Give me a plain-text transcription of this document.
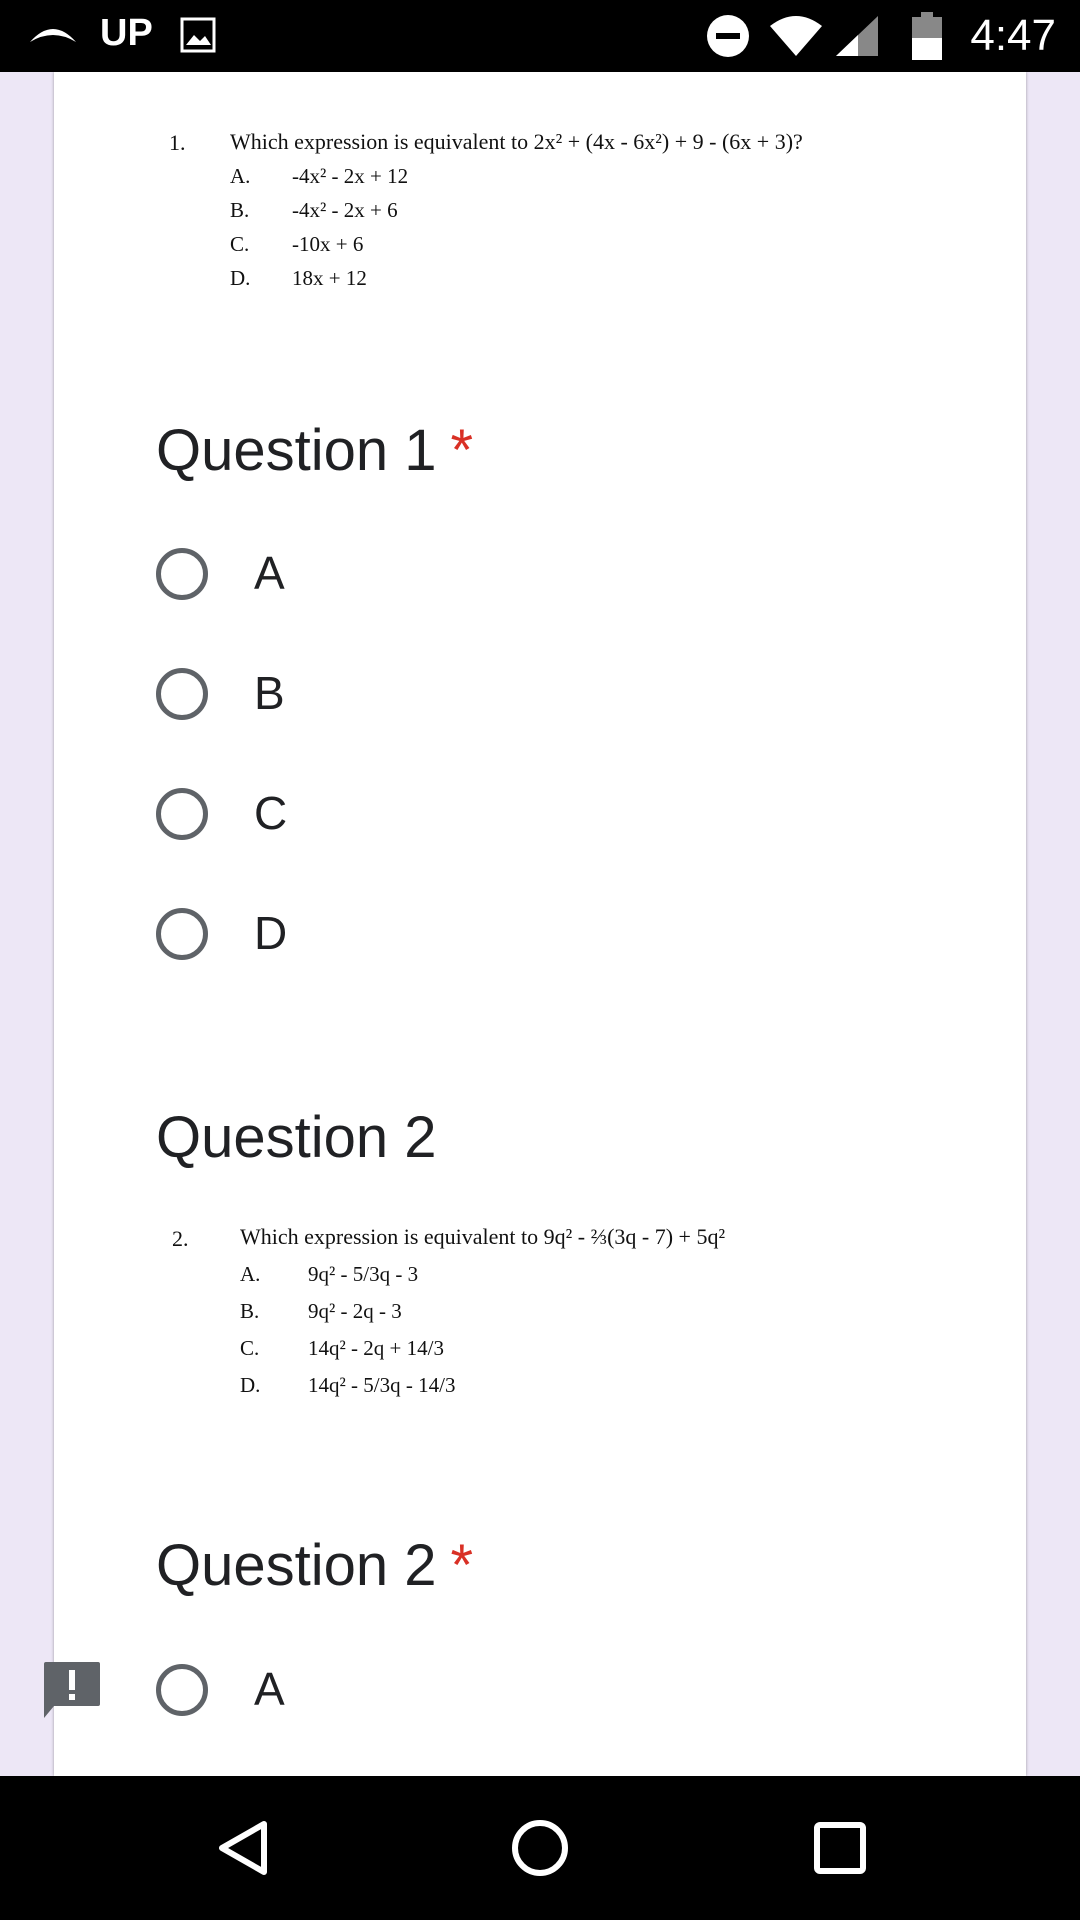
UP	4:47
1. Which expression is equivalent to 2x² + (4x - 6x²) + 9 - (6x + 3)?
A. -4x² - 2x + 12
B. -4x² - 2x + 6
C. -10x + 6
D. 18x + 12
Question 1 *
A
B
C
D
Question 2
2. Which expression is equivalent to 9q² - ⅔(3q - 7) + 5q²
A. 9q² - 5/3q - 3
B. 9q² - 2q - 3
C. 14q² - 2q + 14/3
D. 14q² - 5/3q - 14/3
Question 2 *
A
